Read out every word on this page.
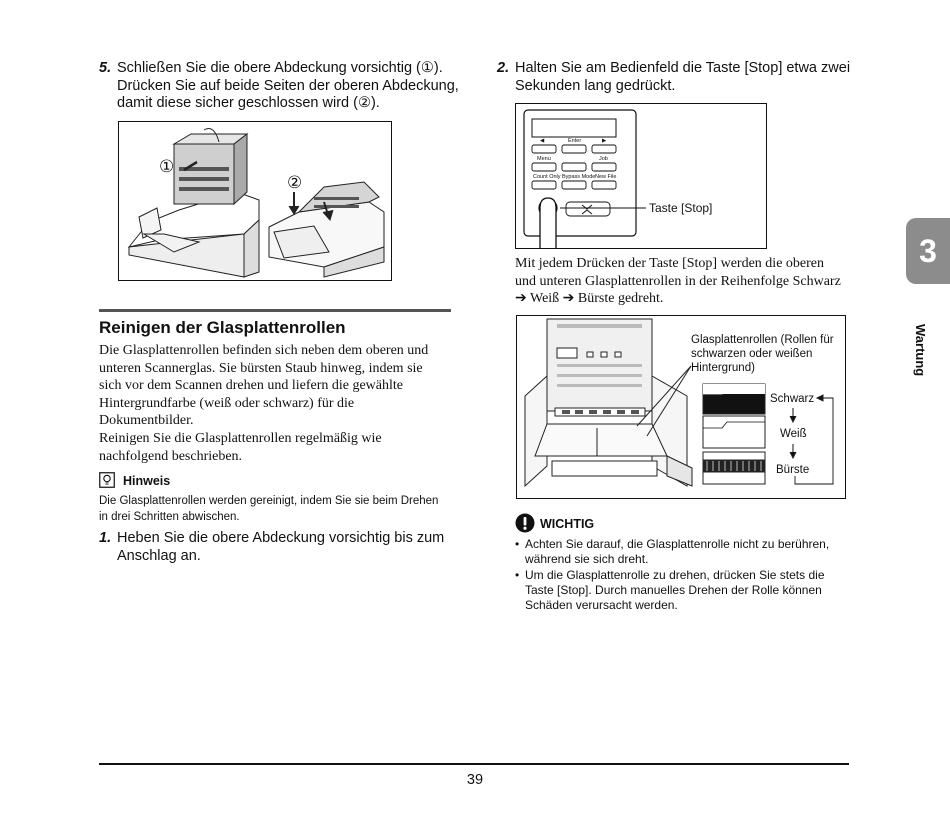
5. Schließen Sie die obere Abdeckung vorsichtig (①).
Drücken Sie auf beide Seiten der oberen Abdeckung,
damit diese sicher geschlossen wird (②).
①
②
Reinigen der Glasplattenrollen
Die Glasplattenrollen befinden sich neben dem oberen und
unteren Scannerglas. Sie bürsten Staub hinweg, indem sie
sich vor dem Scannen drehen und liefern die gewählte
Hintergrundfarbe (weiß oder schwarz) für die
Dokumentbilder.
Reinigen Sie die Glasplattenrollen regelmäßig wie
nachfolgend beschrieben.
Hinweis
Die Glasplattenrollen werden gereinigt, indem Sie sie beim Drehen
in drei Schritten abwischen.
1. Heben Sie die obere Abdeckung vorsichtig bis zum
Anschlag an.
2. Halten Sie am Bedienfeld die Taste [Stop] etwa zwei
Sekunden lang gedrückt.
◀	Enter	▶
Menu	Job
Count Only Bypass Mode New File
Taste [Stop]
Mit jedem Drücken der Taste [Stop] werden die oberen
und unteren Glasplattenrollen in der Reihenfolge Schwarz
➔ Weiß ➔ Bürste gedreht.
Glasplattenrollen (Rollen für
schwarzen oder weißen
Hintergrund)
Schwarz
Weiß
Bürste
WICHTIG
• Achten Sie darauf, die Glasplattenrolle nicht zu berühren,
während sie sich dreht.
• Um die Glasplattenrolle zu drehen, drücken Sie stets die
Taste [Stop]. Durch manuelles Drehen der Rolle können
Schäden verursacht werden.
3
Wartung
39
